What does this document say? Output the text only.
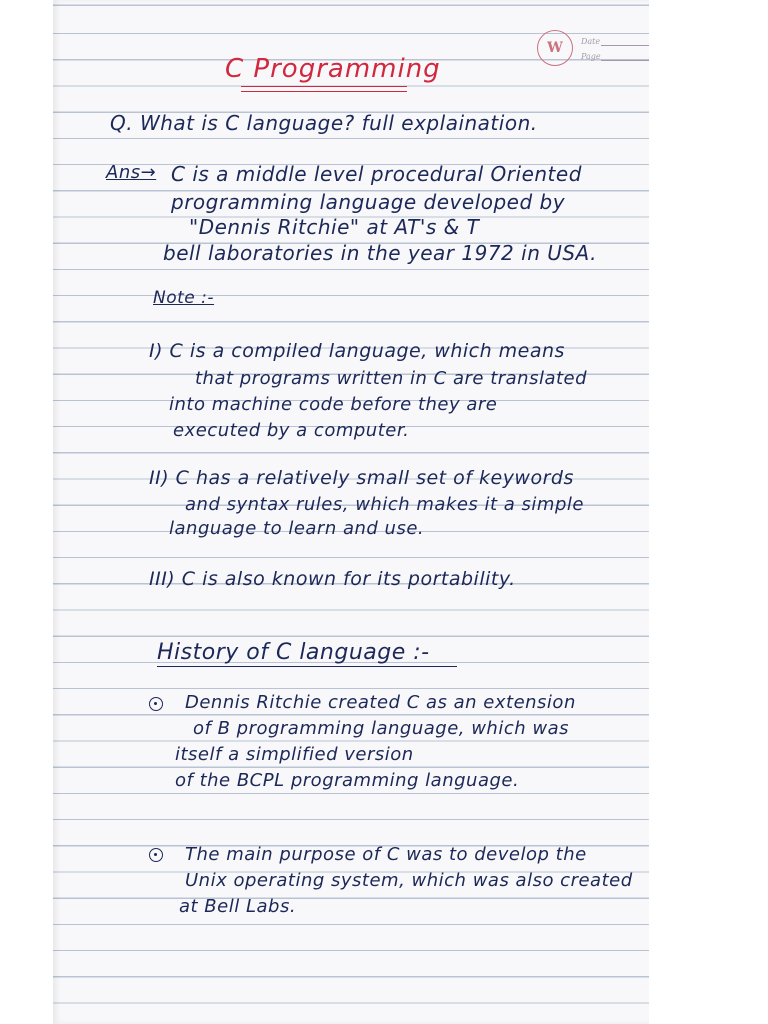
W Date
Page
C Programming
Q. What is C language? full explaination.
Ans→ C is a middle level procedural Oriented
programming language developed by
"Dennis Ritchie" at AT's & T
bell laboratories in the year 1972 in USA.
Note :-
I) C is a compiled language, which means
that programs written in C are translated
into machine code before they are
executed by a computer.
II) C has a relatively small set of keywords
and syntax rules, which makes it a simple
language to learn and use.
III) C is also known for its portability.
History of C language :-
Dennis Ritchie created C as an extension
of B programming language, which was
itself a simplified version
of the BCPL programming language.
The main purpose of C was to develop the
Unix operating system, which was also created
at Bell Labs.
